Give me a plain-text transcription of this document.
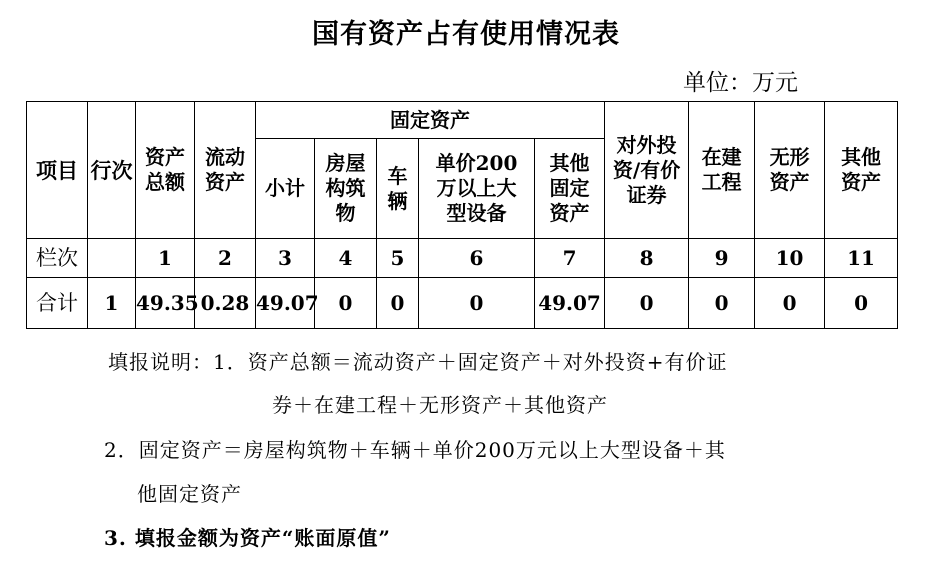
国有资产占有使用情况表
单位：万元
项目	行次	资产总额	流动资产	固定资产					对外投资/有价证券	在建工程	无形资产	其他资产
				小计	房屋构筑物	车辆	单价200万以上大型设备	其他固定资产				
栏次		1	2	3	4	5	6	7	8	9	10	11
合计	1	49.35	0.28	49.07	0	0	0	49.07	0	0	0	0
填报说明：1．资产总额＝流动资产＋固定资产＋对外投资+有价证
券＋在建工程＋无形资产＋其他资产
2．固定资产＝房屋构筑物＋车辆＋单价200万元以上大型设备＋其
他固定资产
3. 填报金额为资产“账面原值”
